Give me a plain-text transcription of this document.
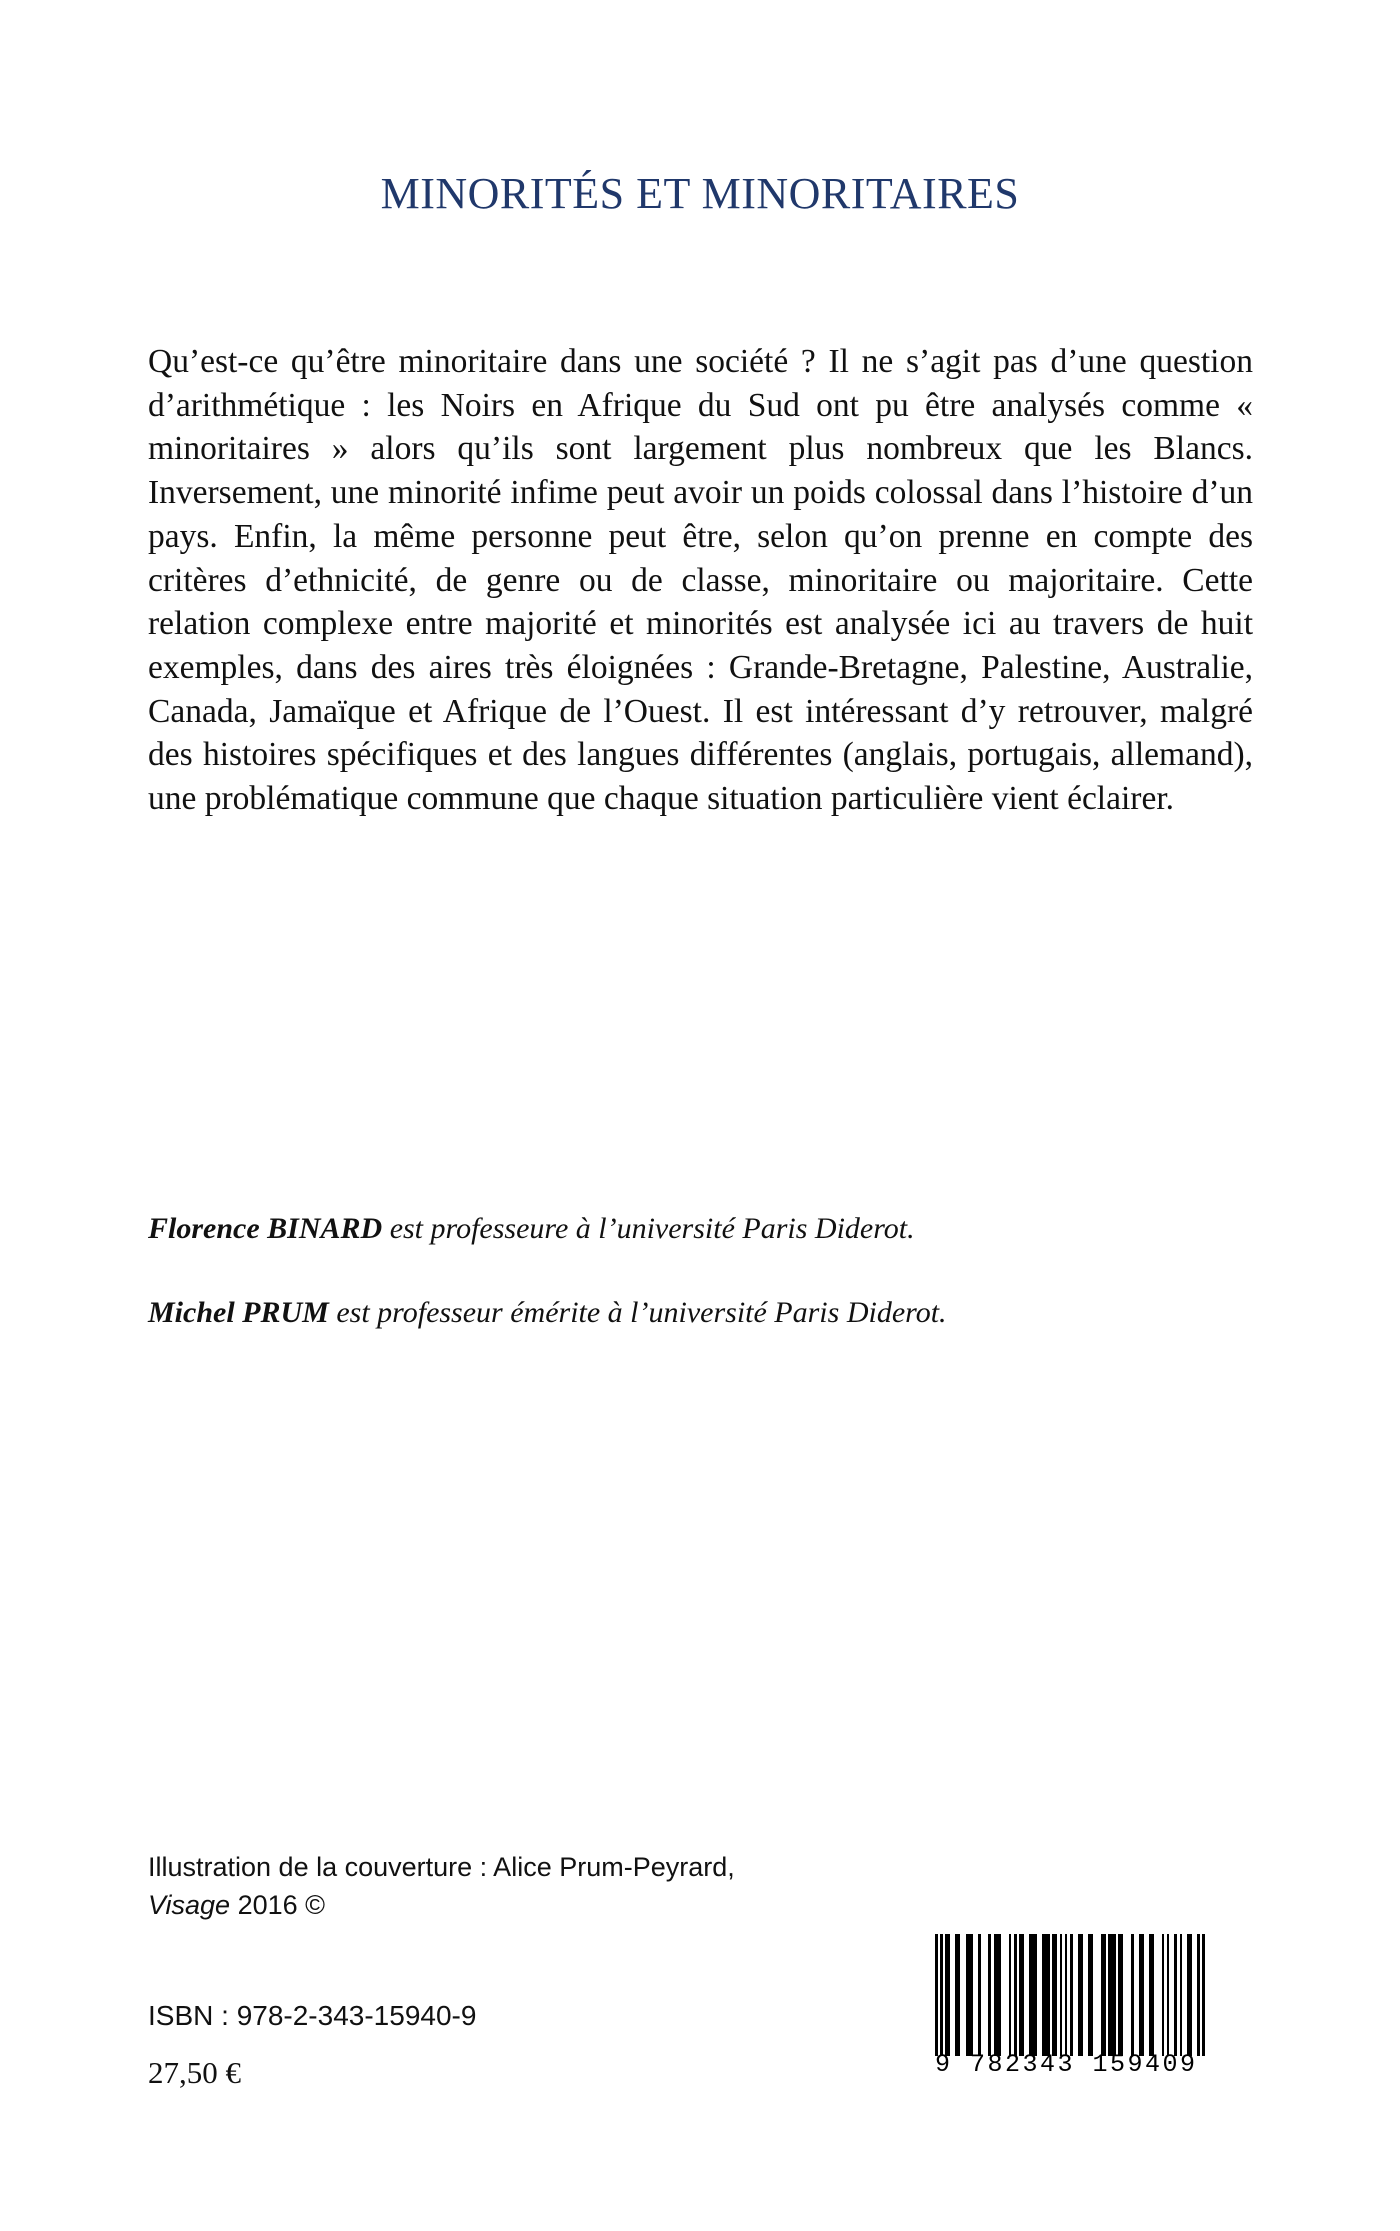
MINORITÉS ET MINORITAIRES
Qu’est-ce qu’être minoritaire dans une société ? Il ne s’agit pas d’une question d’arithmétique : les Noirs en Afrique du Sud ont pu être analysés comme « minoritaires » alors qu’ils sont largement plus nombreux que les Blancs. Inversement, une minorité infime peut avoir un poids colossal dans l’histoire d’un pays. Enfin, la même personne peut être, selon qu’on prenne en compte des critères d’ethnicité, de genre ou de classe, minoritaire ou majoritaire. Cette relation complexe entre majorité et minorités est analysée ici au travers de huit exemples, dans des aires très éloignées : Grande-Bretagne, Palestine, Australie, Canada, Jamaïque et Afrique de l’Ouest. Il est intéressant d’y retrouver, malgré des histoires spécifiques et des langues différentes (anglais, portugais, allemand), une problématique commune que chaque situation particulière vient éclairer.
Florence BINARD est professeure à l’université Paris Diderot.
Michel PRUM est professeur émérite à l’université Paris Diderot.
Illustration de la couverture : Alice Prum-Peyrard,
Visage 2016 ©
ISBN : 978-2-343-15940-9
27,50 €	9 782343 159409
